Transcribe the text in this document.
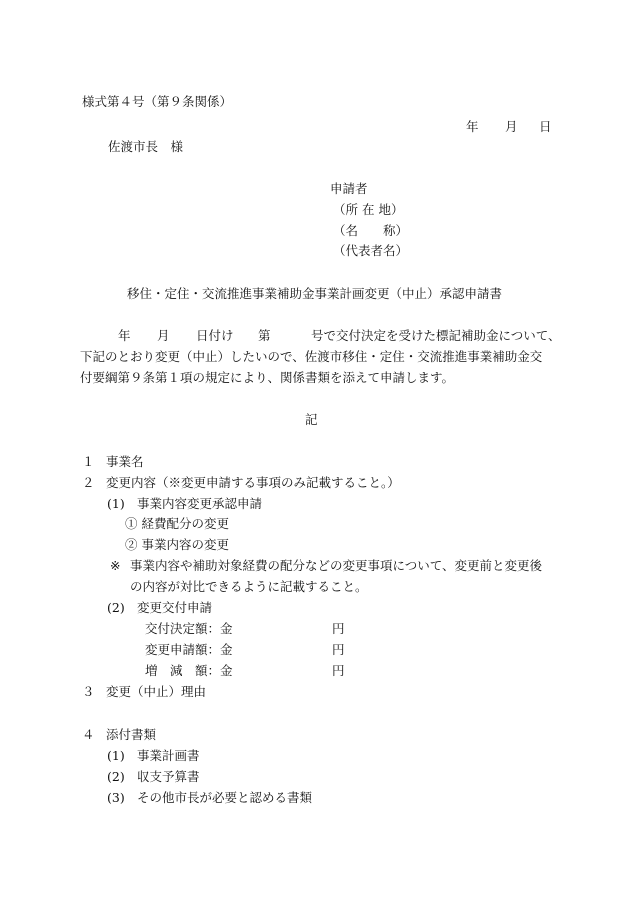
様式第４号（第９条関係）
年 月 日
佐渡市長　様
申請者
（所 在 地）
（名　　称）
（代表者名）
移住・定住・交流推進事業補助金事業計画変更（中止）承認申請書
年 月 日付け 第	号で交付決定を受けた標記補助金について、
下記のとおり変更（中止）したいので、佐渡市移住・定住・交流推進事業補助金交
付要綱第９条第１項の規定により、関係書類を添えて申請します。
記
１ 事業名
２ 変更内容（※変更申請する事項のみ記載すること。）
(1) 事業内容変更承認申請
① 経費配分の変更
② 事業内容の変更
※ 事業内容や補助対象経費の配分などの変更事項について、変更前と変更後
の内容が対比できるように記載すること。
(2) 変更交付申請
交付決定額：金	円
変更申請額：金	円
増　減　額：金	円
３ 変更（中止）理由
４ 添付書類
(1) 事業計画書
(2) 収支予算書
(3) その他市長が必要と認める書類
